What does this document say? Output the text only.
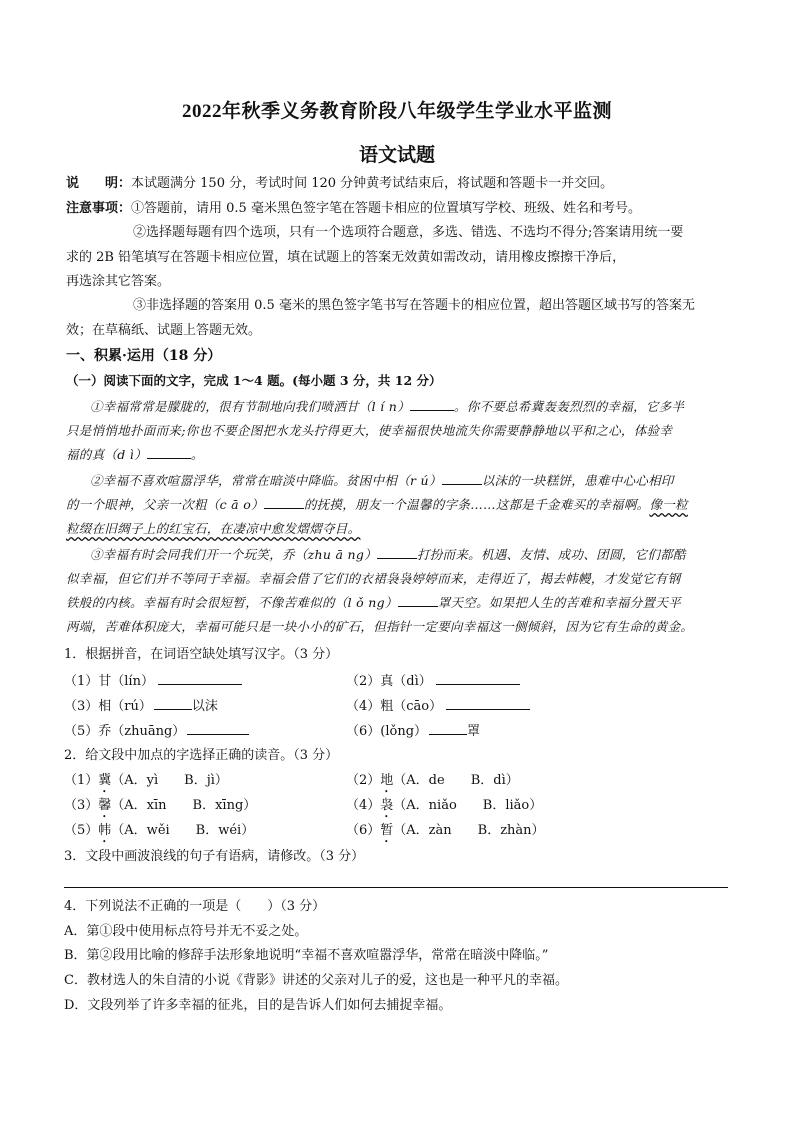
2022年秋季义务教育阶段八年级学生学业水平监测
语文试题
说　　明：本试题满分 150 分，考试时间 120 分钟黄考试结束后，将试题和答题卡一并交回。
注意事项：①答题前，请用 0.5 毫米黑色签字笔在答题卡相应的位置填写学校、班级、姓名和考号。
②选择题每题有四个选项，只有一个选项符合题意，多选、错选、不选均不得分;答案请用统一要
求的 2B 铅笔填写在答题卡相应位置，填在试题上的答案无效黄如需改动，请用橡皮擦擦干净后，
再选涂其它答案。
③非选择题的答案用 0.5 毫米的黑色签字笔书写在答题卡的相应位置，超出答题区域书写的答案无
效；在草稿纸、试题上答题无效。
一、积累·运用（18 分）
（一）阅读下面的文字，完成 1～4 题。(每小题 3 分，共 12 分）
①幸福常常是朦胧的，很有节制地向我们喷洒甘（l í n）	。你不要总希冀轰轰烈烈的幸福，它多半
只是悄悄地扑面而来;你也不要企图把水龙头拧得更大，使幸福很快地流失你需要静静地以平和之心，体验幸
福的真（d ì）	。
②幸福不喜欢喧嚣浮华，常常在暗淡中降临。贫困中相（r ú）	以沫的一块糕饼，患难中心心相印
的一个眼神，父亲一次粗（c ā o）	的抚摸，朋友一个温馨的字条……这都是千金难买的幸福啊。像一粒
粒缀在旧绸子上的红宝石，在凄凉中愈发熠熠夺目。
③幸福有时会同我们开一个玩笑，乔（zhu ā ng）	打扮而来。机遇、友情、成功、团圆，它们都酷
似幸福，但它们并不等同于幸福。幸福会借了它们的衣裙袅袅婷婷而来，走得近了，揭去帏幔，才发觉它有钢
铁般的内核。幸福有时会很短暂，不像苦难似的（l ǒ ng）	罩天空。如果把人生的苦难和幸福分置天平
两端，苦难体积庞大，幸福可能只是一块小小的矿石，但指针一定要向幸福这一侧倾斜，因为它有生命的黄金。
1．根据拼音，在词语空缺处填写汉字。（3 分）
（1）甘（lín）	（2）真（dì）
（3）相（rú）	以沫	（4）粗（cāo）
（5）乔（zhuāng）	（6）(lǒng）	罩
2．给文段中加点的字选择正确的读音。（3 分）
（1）冀（A．yì　　B．jì）	（2）地（A．de　　B．dì）
（3）馨（A．xīn　　B．xīng）	（4）袅（A．niǎo　　B．liǎo）
（5）帏（A．wěi　　B．wéi）	（6）暂（A．zàn　　B．zhàn）
3．文段中画波浪线的句子有语病，请修改。（3 分）
4．下列说法不正确的一项是（　　）（3 分）
A．第①段中使用标点符号并无不妥之处。
B．第②段用比喻的修辞手法形象地说明“幸福不喜欢喧嚣浮华，常常在暗淡中降临。”
C．教材选人的朱自清的小说《背影》讲述的父亲对儿子的爱，这也是一种平凡的幸福。
D．文段列举了许多幸福的征兆，目的是告诉人们如何去捕捉幸福。
